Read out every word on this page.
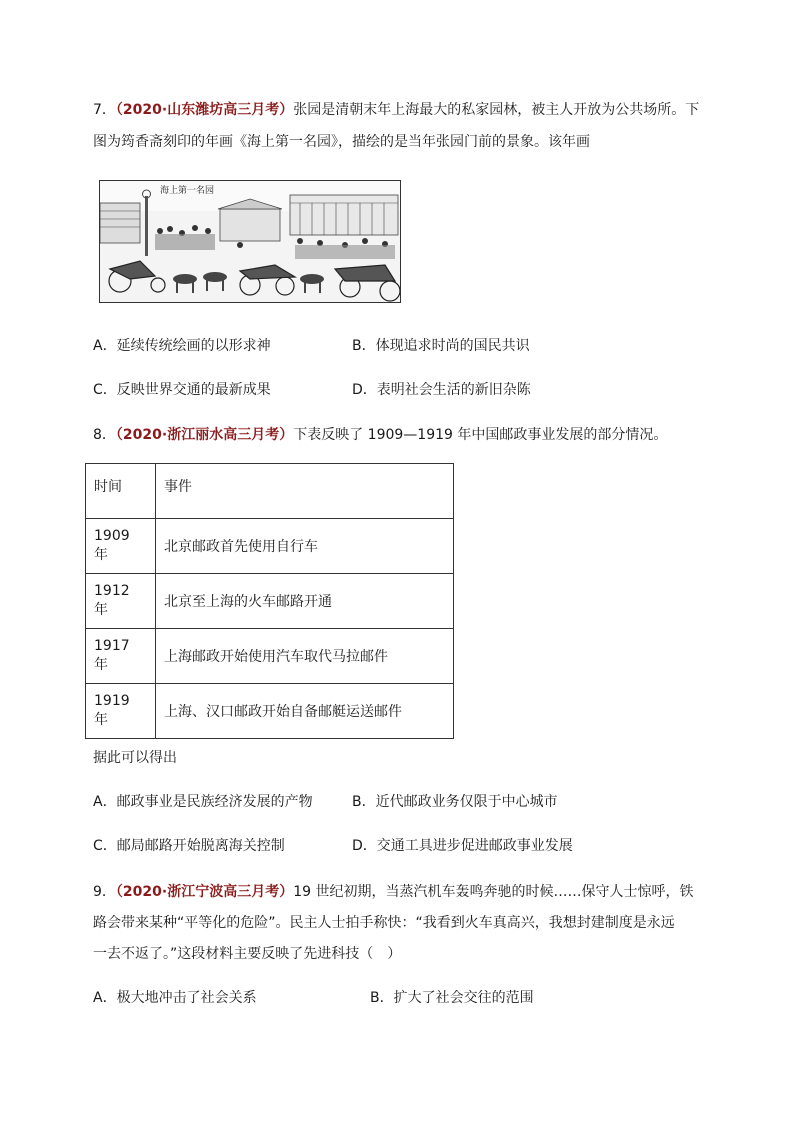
7．（2020·山东潍坊高三月考）张园是清朝末年上海最大的私家园林，被主人开放为公共场所。下
图为筠香斋刻印的年画《海上第一名园》，描绘的是当年张园门前的景象。该年画
海上第一名园
A．延续传统绘画的以形求神	B．体现追求时尚的国民共识
C．反映世界交通的最新成果	D．表明社会生活的新旧杂陈
8．（2020·浙江丽水高三月考）下表反映了 1909—1919 年中国邮政事业发展的部分情况。
时间	事件
1909 年	北京邮政首先使用自行车
1912 年	北京至上海的火车邮路开通
1917 年	上海邮政开始使用汽车取代马拉邮件
1919 年	上海、汉口邮政开始自备邮艇运送邮件
据此可以得出
A．邮政事业是民族经济发展的产物	B．近代邮政业务仅限于中心城市
C．邮局邮路开始脱离海关控制	D．交通工具进步促进邮政事业发展
9．（2020·浙江宁波高三月考）19 世纪初期，当蒸汽机车轰鸣奔驰的时候……保守人士惊呼，铁
路会带来某种“平等化的危险”。民主人士拍手称快：“我看到火车真高兴，我想封建制度是永远
一去不返了。”这段材料主要反映了先进科技（　）
A．极大地冲击了社会关系	B．扩大了社会交往的范围
